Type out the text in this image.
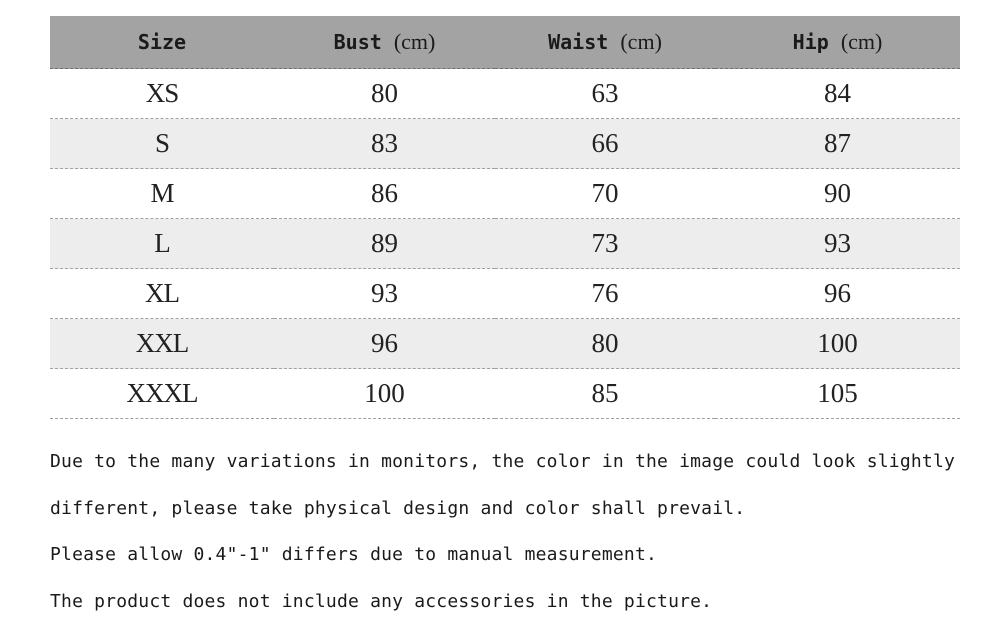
Size	Bust (cm)	Waist (cm)	Hip (cm)
XS	80	63	84
S	83	66	87
M	86	70	90
L	89	73	93
XL	93	76	96
XXL	96	80	100
XXXL	100	85	105
Due to the many variations in monitors, the color in the image could look slightly
different, please take physical design and color shall prevail.
Please allow 0.4"-1" differs due to manual measurement.
The product does not include any accessories in the picture.
